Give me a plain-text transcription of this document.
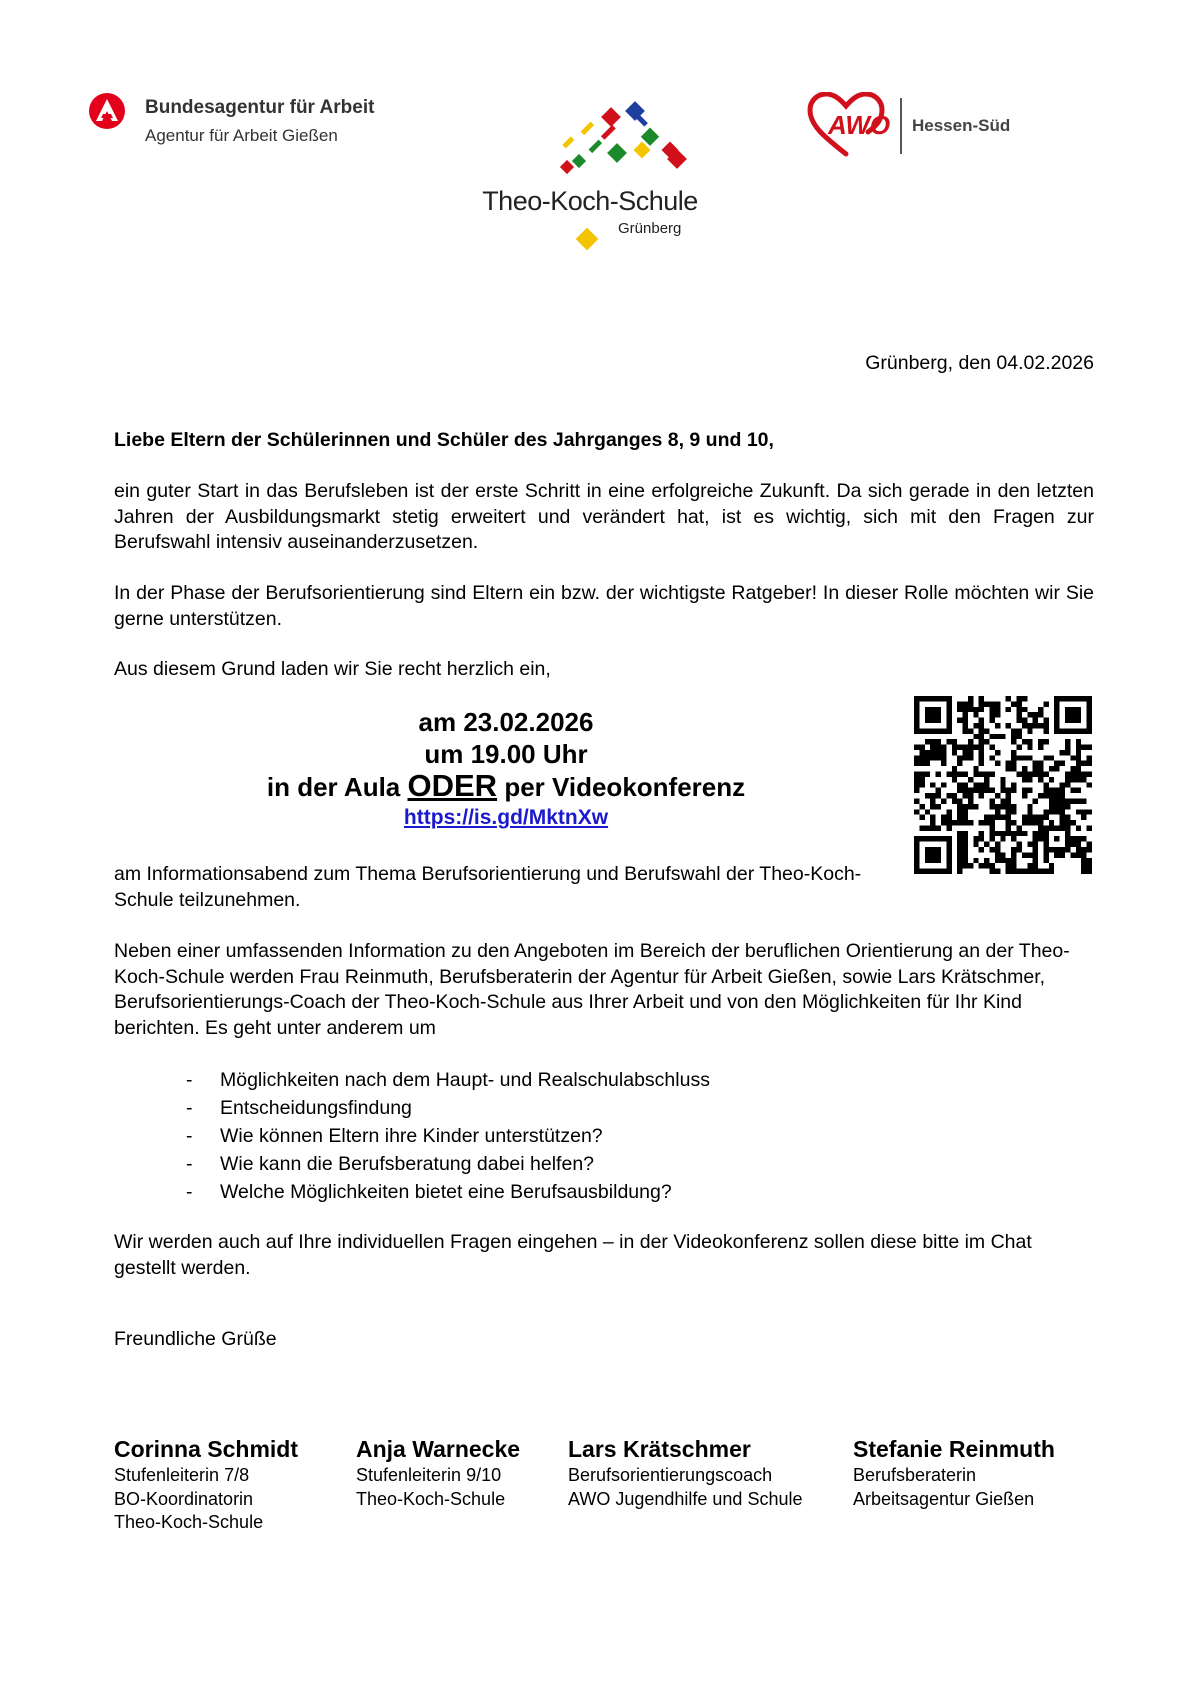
Bundesagentur für Arbeit
Agentur für Arbeit Gießen
Theo-Koch-Schule
Grünberg
AWO Hessen-Süd
Grünberg, den 04.02.2026
Liebe Eltern der Schülerinnen und Schüler des Jahrganges 8, 9 und 10,
ein guter Start in das Berufsleben ist der erste Schritt in eine erfolgreiche Zukunft. Da sich gerade in den letzten Jahren der Ausbildungsmarkt stetig erweitert und verändert hat, ist es wichtig, sich mit den Fragen zur Berufswahl intensiv auseinanderzusetzen.
In der Phase der Berufsorientierung sind Eltern ein bzw. der wichtigste Ratgeber! In dieser Rolle möchten wir Sie gerne unterstützen.
Aus diesem Grund laden wir Sie recht herzlich ein,
am 23.02.2026
um 19.00 Uhr
in der Aula ODER per Videokonferenz
https://is.gd/MktnXw
am Informationsabend zum Thema Berufsorientierung und Berufswahl der Theo-Koch-Schule teilzunehmen.
Neben einer umfassenden Information zu den Angeboten im Bereich der beruflichen Orientierung an der Theo-Koch-Schule werden Frau Reinmuth, Berufsberaterin der Agentur für Arbeit Gießen, sowie Lars Krätschmer, Berufsorientierungs-Coach der Theo-Koch-Schule aus Ihrer Arbeit und von den Möglichkeiten für Ihr Kind berichten. Es geht unter anderem um
- Möglichkeiten nach dem Haupt- und Realschulabschluss
- Entscheidungsfindung
- Wie können Eltern ihre Kinder unterstützen?
- Wie kann die Berufsberatung dabei helfen?
- Welche Möglichkeiten bietet eine Berufsausbildung?
Wir werden auch auf Ihre individuellen Fragen eingehen – in der Videokonferenz sollen diese bitte im Chat gestellt werden.
Freundliche Grüße
Corinna Schmidt
Stufenleiterin 7/8
BO-Koordinatorin
Theo-Koch-Schule
Anja Warnecke
Stufenleiterin 9/10
Theo-Koch-Schule
Lars Krätschmer
Berufsorientierungscoach
AWO Jugendhilfe und Schule
Stefanie Reinmuth
Berufsberaterin
Arbeitsagentur Gießen
